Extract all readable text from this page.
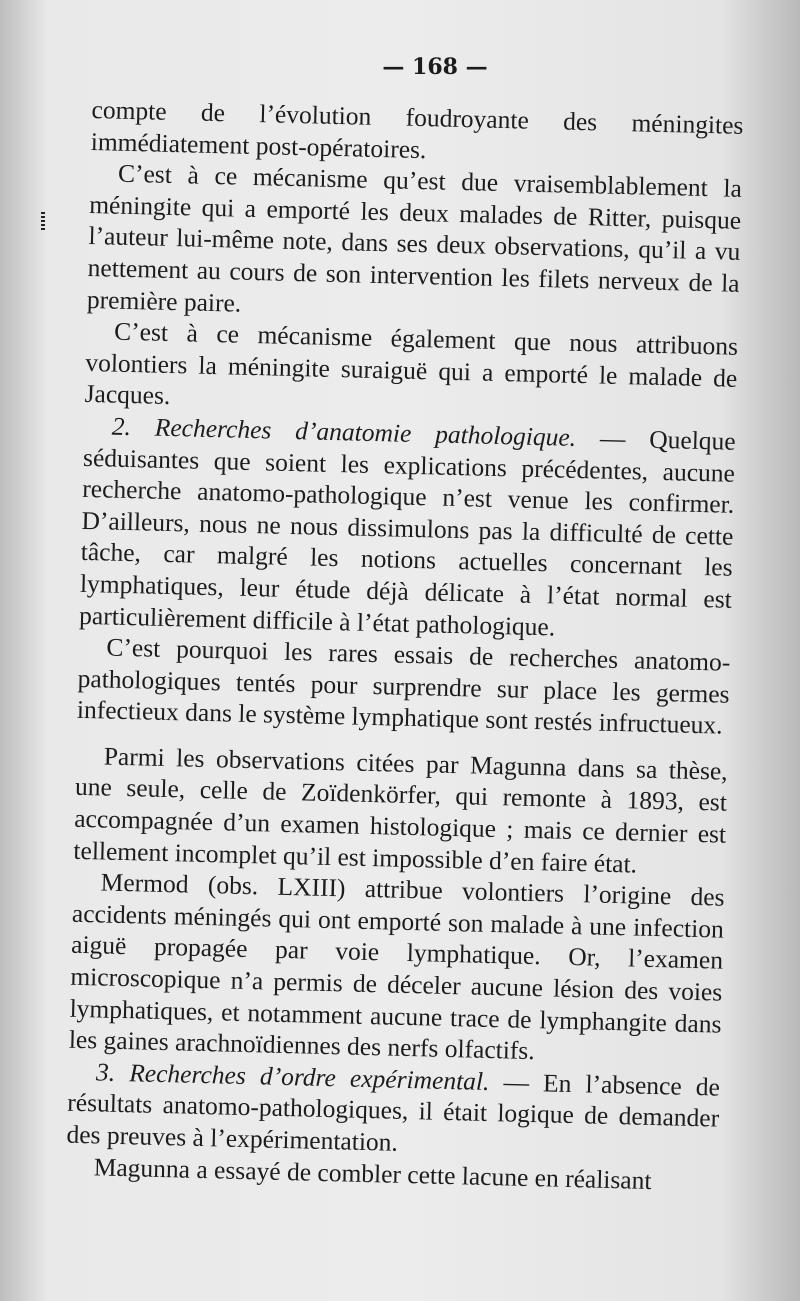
— 168 —

compte de l’évolution foudroyante des méningites immédiatement post-opératoires.

C’est à ce mécanisme qu’est due vraisemblablement la méningite qui a emporté les deux malades de Ritter, puisque l’auteur lui-même note, dans ses deux observations, qu’il a vu nettement au cours de son intervention les filets nerveux de la première paire.

C’est à ce mécanisme également que nous attribuons volontiers la méningite suraiguë qui a emporté le malade de Jacques.

2. Recherches d’anatomie pathologique. — Quelque séduisantes que soient les explications précédentes, aucune recherche anatomo-pathologique n’est venue les confirmer. D’ailleurs, nous ne nous dissimulons pas la difficulté de cette tâche, car malgré les notions actuelles concernant les lymphatiques, leur étude déjà délicate à l’état normal est particulièrement difficile à l’état pathologique.

C’est pourquoi les rares essais de recherches anatomo-pathologiques tentés pour surprendre sur place les germes infectieux dans le système lymphatique sont restés infructueux.

Parmi les observations citées par Magunna dans sa thèse, une seule, celle de Zoïdenkörfer, qui remonte à 1893, est accompagnée d’un examen histologique ; mais ce dernier est tellement incomplet qu’il est impossible d’en faire état.

Mermod (obs. LXIII) attribue volontiers l’origine des accidents méningés qui ont emporté son malade à une infection aiguë propagée par voie lymphatique. Or, l’examen microscopique n’a permis de déceler aucune lésion des voies lymphatiques, et notamment aucune trace de lymphangite dans les gaines arachnoïdiennes des nerfs olfactifs.

3. Recherches d’ordre expérimental. — En l’absence de résultats anatomo-pathologiques, il était logique de demander des preuves à l’expérimentation.

Magunna a essayé de combler cette lacune en réalisant
